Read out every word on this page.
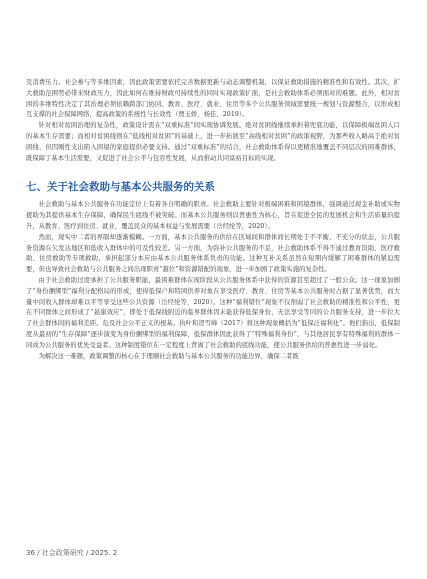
及消费压力。社会参与等多维因素，因此政策需要依托完善数据更新与动态调整机制，以保证救助措施的精准性和有效性。其次，扩大救助范围势必带来财政压力，因此如何在维持财政可持续性的同时实现政策扩面，是社会救助体系必须面对的难题。此外，相对贫困的多维特性决定了其治理必须依赖跨部门协同。教育、医疗、就业、住房等多个公共服务领域需要统一规划与资源整合，以形成相互支撑的社会保障网络，提高政策的系统性与长效性（贾玉娇、杨佳，2019）。

针对相对贫困治理的复杂性，政策设计需在“双重标准”间实现协调发展。绝对贫困线继续承担着兜底功能，以保障极端贫困人口的基本生存需要；而相对贫困线则在“低线相对贫困”的基础上，进一步拓展至“高线相对贫困”的政策视野，为那些收入略高于绝对贫困线、但因刚性支出陷入困境的家庭提供必要支持。通过“双重标准”的结合，社会救助体系得以更精准地覆盖不同层次的困难群体，既保障了基本生活需要，又促进了社会公平与包容性发展，从而推动共同富裕目标的实现。

七、关于社会救助与基本公共服务的关系

社会救助与基本公共服务在功能定位上有着各自明确的职责。社会救助主要针对极端困难和困境群体，强调通过现金补助或实物援助为其提供基本生存保障，确保民生底线不被突破。而基本公共服务则以普惠性为核心，旨在促进全民的发展机会和生活质量的提升，从教育、医疗到住房、就业，覆盖民众的基本权益与发展需要（岳经纶等，2020）。

然而，现实中二者的界限却逐渐模糊。一方面，基本公共服务的供给在区域间和群体间长期处于不平衡、不充分的状态，公共服务资源在欠发达地区和低收入群体中的可及性较差。另一方面，为弥补公共服务的不足，社会救助体系不得不通过教育资助、医疗救助、住房救助等专项救助，承担起部分本应由基本公共服务体系负责的功能。这种互补关系虽然在短期内缓解了困难群体的紧迫需要，但也导致社会救助与公共服务之间出现职责“越位”和资源错配的现象，进一步加剧了政策实施的复杂性。

由于社会救助过度承担了公共服务职能，最困难群体在现阶段从公共服务体系中获得的资源甚至超过了一般公众。这一现象加剧了“身份捆绑型”福利分配格局的形成，使得低保户和特困供养对象在享受医疗、教育、住房等基本公共服务时占据了显著优势，而大量中间收入群体却难以平等享受这些公共资源（岳经纶等，2020）。这种“福利错位”现象不仅削弱了社会救助的精准性和公平性，更在不同群体之间形成了“悬崖效应”，即处于低保线附近的临界群体因未能获得低保身份，无法享受等同的公共服务支持，进一步拉大了社会群体间的福利差距。危及社会公平正义的根基。执叶和贺雪峰（2017）将这种现象概括为“低保泛福利化”。他们指出，低保制度从最初的“生存保障”逐步演变为身份捆绑型的福利保障，低保群体因此获得了“特殊福利身份”，与其他居民享有特殊福利的群体一同成为公共服务的优先受益者。这种制度错位在一定程度上背离了社会救助的底线功能，使公共服务供给的普惠性进一步弱化。

为解决这一难题，政策调整的核心在于理顺社会救助与基本公共服务的功能边界，确保二者既

36 / 社会政策研究 / 2025. 2
